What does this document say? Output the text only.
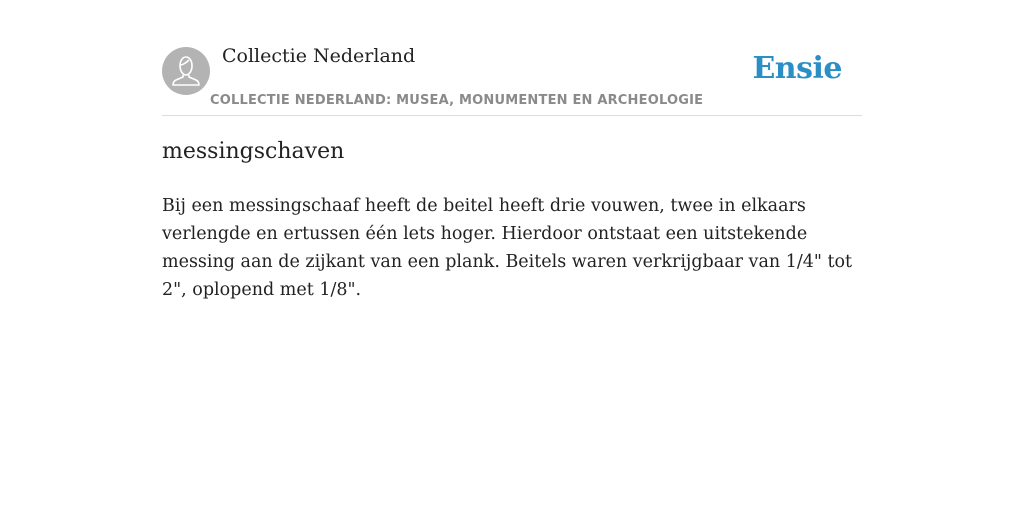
Collectie Nederland
COLLECTIE NEDERLAND: MUSEA, MONUMENTEN EN ARCHEOLOGIE
Ensie
messingschaven

Bij een messingschaaf heeft de beitel heeft drie vouwen, twee in elkaars verlengde en ertussen één lets hoger. Hierdoor ontstaat een uitstekende messing aan de zijkant van een plank. Beitels waren verkrijgbaar van 1/4" tot 2", oplopend met 1/8".
